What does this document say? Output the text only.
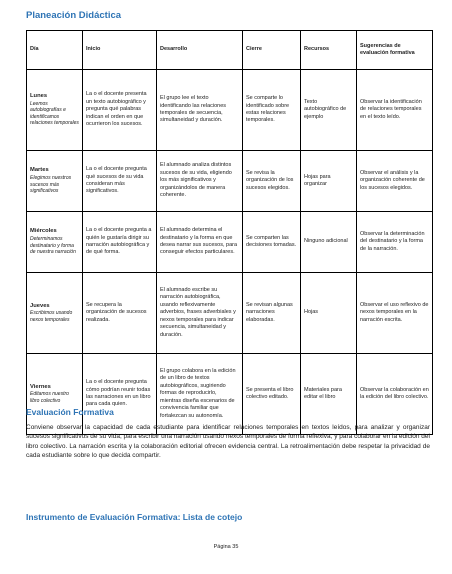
Planeación Didáctica
Día	Inicio	Desarrollo	Cierre	Recursos	Sugerencias de evaluación formativa

Lunes
Leemos autobiografías e identificamos relaciones temporales	La o el docente presenta un texto autobiográfico y pregunta qué palabras indican el orden en que ocurrieron los sucesos.	El grupo lee el texto identificando las relaciones temporales de secuencia, simultaneidad y duración.	Se comparte lo identificado sobre estas relaciones temporales.	Texto autobiográfico de ejemplo	Observar la identificación de relaciones temporales en el texto leído.

Martes
Elegimos nuestros sucesos más significativos	La o el docente pregunta qué sucesos de su vida consideran más significativos.	El alumnado analiza distintos sucesos de su vida, eligiendo los más significativos y organizándolos de manera coherente.	Se revisa la organización de los sucesos elegidos.	Hojas para organizar	Observar el análisis y la organización coherente de los sucesos elegidos.

Miércoles
Determinamos destinatario y forma de nuestra narración	La o el docente pregunta a quién le gustaría dirigir su narración autobiográfica y de qué forma.	El alumnado determina el destinatario y la forma en que desea narrar sus sucesos, para conseguir efectos particulares.	Se comparten las decisiones tomadas.	Ninguno adicional	Observar la determinación del destinatario y la forma de la narración.

Jueves
Escribimos usando nexos temporales	Se recupera la organización de sucesos realizada.	El alumnado escribe su narración autobiográfica, usando reflexivamente adverbios, frases adverbiales y nexos temporales para indicar secuencia, simultaneidad y duración.	Se revisan algunas narraciones elaboradas.	Hojas	Observar el uso reflexivo de nexos temporales en la narración escrita.

Viernes
Editamos nuestro libro colectivo	La o el docente pregunta cómo podrían reunir todas las narraciones en un libro para cada quien.	El grupo colabora en la edición de un libro de textos autobiográficos, sugiriendo formas de reproducirlo, mientras diseña escenarios de convivencia familiar que fortalezcan su autonomía.	Se presenta el libro colectivo editado.	Materiales para editar el libro	Observar la colaboración en la edición del libro colectivo.
Evaluación Formativa
Conviene observar la capacidad de cada estudiante para identificar relaciones temporales en textos leídos, para analizar y organizar sucesos significativos de su vida, para escribir una narración usando nexos temporales de forma reflexiva, y para colaborar en la edición del libro colectivo. La narración escrita y la colaboración editorial ofrecen evidencia central. La retroalimentación debe respetar la privacidad de cada estudiante sobre lo que decida compartir.
Instrumento de Evaluación Formativa: Lista de cotejo
Página 35
